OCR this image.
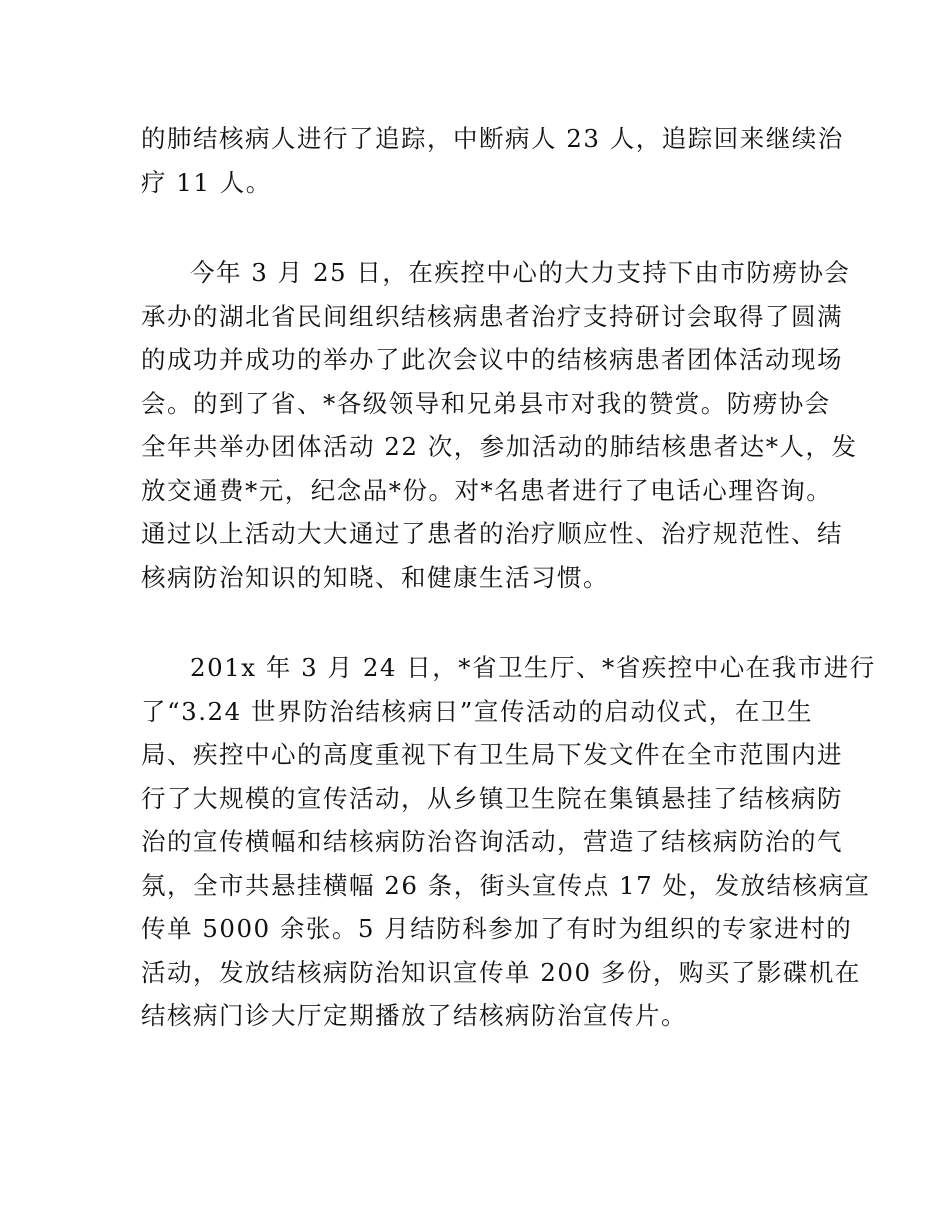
的肺结核病人进行了追踪，中断病人 23 人，追踪回来继续治
疗 11 人。

今年 3 月 25 日，在疾控中心的大力支持下由市防痨协会
承办的湖北省民间组织结核病患者治疗支持研讨会取得了圆满
的成功并成功的举办了此次会议中的结核病患者团体活动现场
会。的到了省、*各级领导和兄弟县市对我的赞赏。防痨协会
全年共举办团体活动 22 次，参加活动的肺结核患者达*人，发
放交通费*元，纪念品*份。对*名患者进行了电话心理咨询。
通过以上活动大大通过了患者的治疗顺应性、治疗规范性、结
核病防治知识的知晓、和健康生活习惯。

201x 年 3 月 24 日，*省卫生厅、*省疾控中心在我市进行
了“3.24 世界防治结核病日”宣传活动的启动仪式，在卫生
局、疾控中心的高度重视下有卫生局下发文件在全市范围内进
行了大规模的宣传活动，从乡镇卫生院在集镇悬挂了结核病防
治的宣传横幅和结核病防治咨询活动，营造了结核病防治的气
氛，全市共悬挂横幅 26 条，街头宣传点 17 处，发放结核病宣
传单 5000 余张。5 月结防科参加了有时为组织的专家进村的
活动，发放结核病防治知识宣传单 200 多份，购买了影碟机在
结核病门诊大厅定期播放了结核病防治宣传片。
